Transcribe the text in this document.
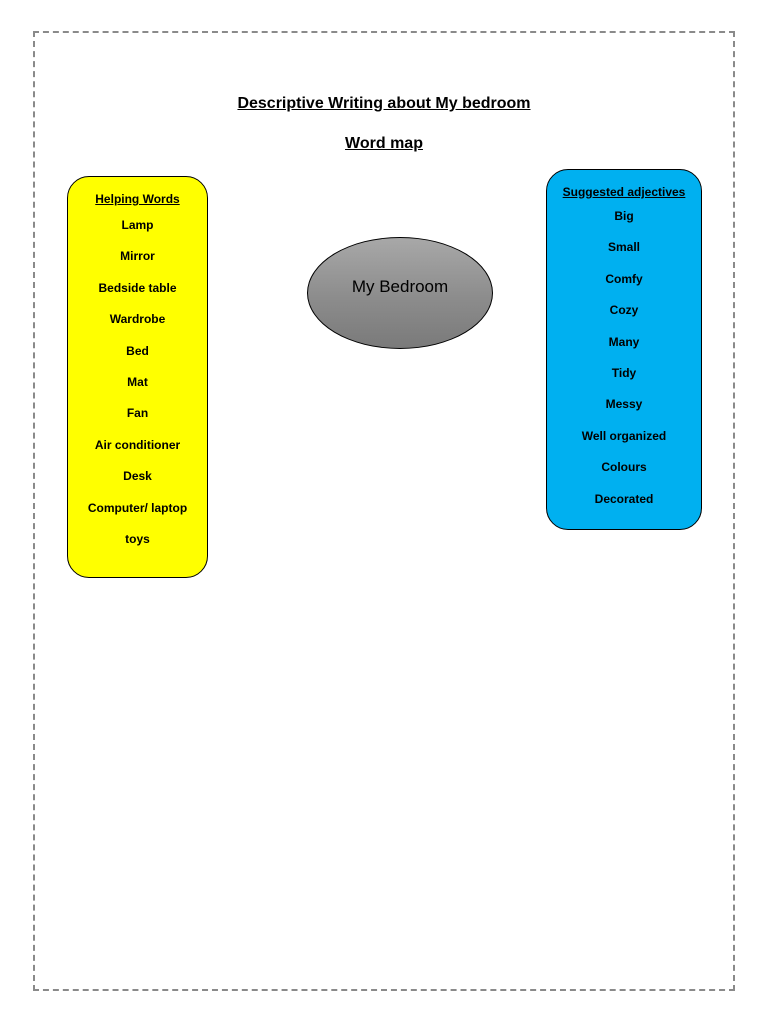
Descriptive Writing about My bedroom
Word map
Helping Words
Lamp
Mirror
Bedside table
Wardrobe
Bed
Mat
Fan
Air conditioner
Desk
Computer/ laptop
toys
My Bedroom
Suggested adjectives
Big
Small
Comfy
Cozy
Many
Tidy
Messy
Well organized
Colours
Decorated
